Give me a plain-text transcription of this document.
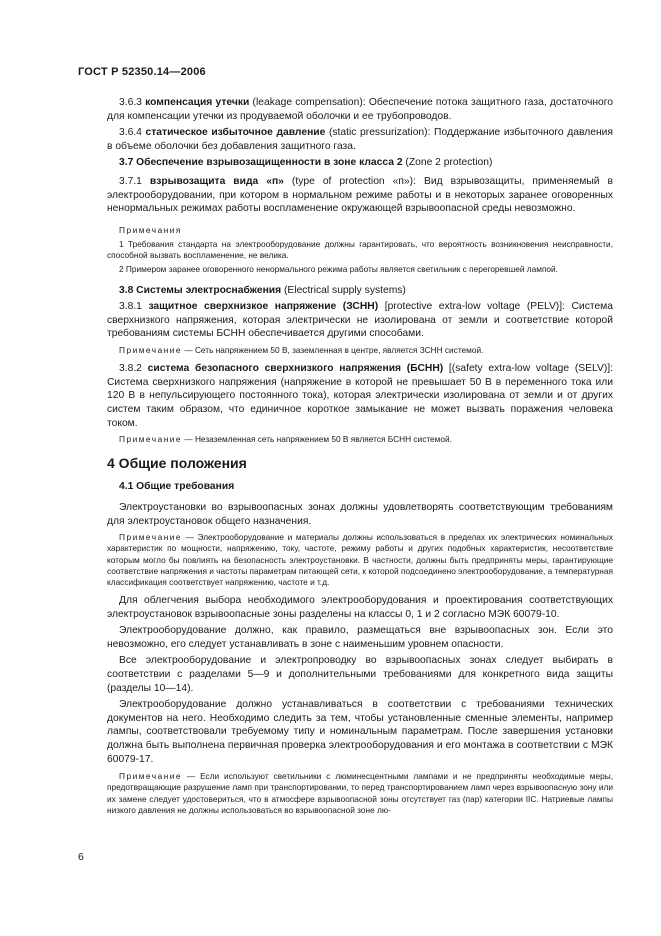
ГОСТ Р 52350.14—2006

3.6.3 компенсация утечки (leakage compensation): Обеспечение потока защитного газа, достаточного для компенсации утечки из продуваемой оболочки и ее трубопроводов.

3.6.4 статическое избыточное давление (static pressurization): Поддержание избыточного давления в объеме оболочки без добавления защитного газа.

3.7 Обеспечение взрывозащищенности в зоне класса 2 (Zone 2 protection)

3.7.1 взрывозащита вида «п» (type of protection «п»): Вид взрывозащиты, применяемый в электрооборудовании, при котором в нормальном режиме работы и в некоторых заранее оговоренных ненормальных режимах работы воспламенение окружающей взрывоопасной среды невозможно.

Примечания

1 Требования стандарта на электрооборудование должны гарантировать, что вероятность возникновения неисправности, способной вызвать воспламенение, не велика.

2 Примером заранее оговоренного ненормального режима работы является светильник с перегоревшей лампой.

3.8 Системы электроснабжения (Electrical supply systems)

3.8.1 защитное сверхнизкое напряжение (ЗСНН) [protective extra-low voltage (PELV)]: Система сверхнизкого напряжения, которая электрически не изолирована от земли и соответствие которой требованиям системы БСНН обеспечивается другими способами.

Примечание — Сеть напряжением 50 В, заземленная в центре, является ЗСНН системой.

3.8.2 система безопасного сверхнизкого напряжения (БСНН) [(safety extra-low voltage (SELV)]: Система сверхнизкого напряжения (напряжение в которой не превышает 50 В в переменного тока или 120 В в непульсирующего постоянного тока), которая электрически изолирована от земли и от других систем таким образом, что единичное короткое замыкание не может вызвать поражения человека током.

Примечание — Незаземленная сеть напряжением 50 В является БСНН системой.

4 Общие положения

4.1 Общие требования

Электроустановки во взрывоопасных зонах должны удовлетворять соответствующим требованиям для электроустановок общего назначения.

Примечание — Электрооборудование и материалы должны использоваться в пределах их электрических номинальных характеристик по мощности, напряжению, току, частоте, режиму работы и других подобных характеристик, несоответствие которым могло бы повлиять на безопасность электроустановки. В частности, должны быть предприняты меры, гарантирующие соответствие напряжения и частоты параметрам питающей сети, к которой подсоединено электрооборудование, а температурная классификация соответствует напряжению, частоте и т.д.

Для облегчения выбора необходимого электрооборудования и проектирования соответствующих электроустановок взрывоопасные зоны разделены на классы 0, 1 и 2 согласно МЭК 60079-10.

Электрооборудование должно, как правило, размещаться вне взрывоопасных зон. Если это невозможно, его следует устанавливать в зоне с наименьшим уровнем опасности.

Все электрооборудование и электропроводку во взрывоопасных зонах следует выбирать в соответствии с разделами 5—9 и дополнительными требованиями для конкретного вида защиты (разделы 10—14).

Электрооборудование должно устанавливаться в соответствии с требованиями технических документов на него. Необходимо следить за тем, чтобы установленные сменные элементы, например лампы, соответствовали требуемому типу и номинальным параметрам. После завершения установки должна быть выполнена первичная проверка электрооборудования и его монтажа в соответствии с МЭК 60079-17.

Примечание — Если используют светильники с люминесцентными лампами и не предприняты необходимые меры, предотвращающие разрушение ламп при транспортировании, то перед транспортированием ламп через взрывоопасную зону или их замене следует удостовериться, что в атмосфере взрывоопасной зоны отсутствует газ (пар) категории IIC. Натриевые лампы низкого давления не должны использоваться во взрывоопасной зоне лю-

6
